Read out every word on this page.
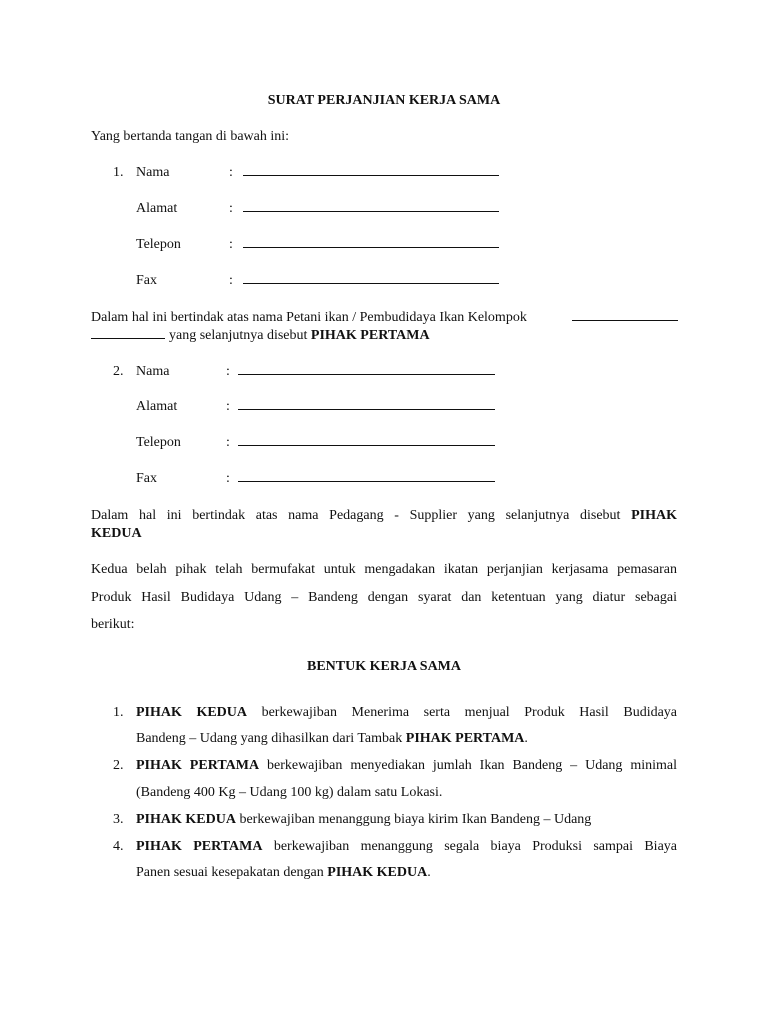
SURAT PERJANJIAN KERJA SAMA
Yang bertanda tangan di bawah ini:
1. Nama	:
Alamat	:
Telepon	:
Fax	:
Dalam hal ini bertindak atas nama Petani ikan / Pembudidaya Ikan Kelompok
yang selanjutnya disebut PIHAK PERTAMA
2. Nama	:
Alamat	:
Telepon	:
Fax	:
Dalam hal ini bertindak atas nama Pedagang - Supplier yang selanjutnya disebut PIHAK
KEDUA
Kedua belah pihak telah bermufakat untuk mengadakan ikatan perjanjian kerjasama pemasaran
Produk Hasil Budidaya Udang – Bandeng dengan syarat dan ketentuan yang diatur sebagai
berikut:
BENTUK KERJA SAMA
1. PIHAK KEDUA berkewajiban Menerima serta menjual Produk Hasil Budidaya
Bandeng – Udang yang dihasilkan dari Tambak PIHAK PERTAMA.
2. PIHAK PERTAMA berkewajiban menyediakan jumlah Ikan Bandeng – Udang minimal
(Bandeng 400 Kg – Udang 100 kg) dalam satu Lokasi.
3. PIHAK KEDUA berkewajiban menanggung biaya kirim Ikan Bandeng – Udang
4. PIHAK PERTAMA berkewajiban menanggung segala biaya Produksi sampai Biaya
Panen sesuai kesepakatan dengan PIHAK KEDUA.
